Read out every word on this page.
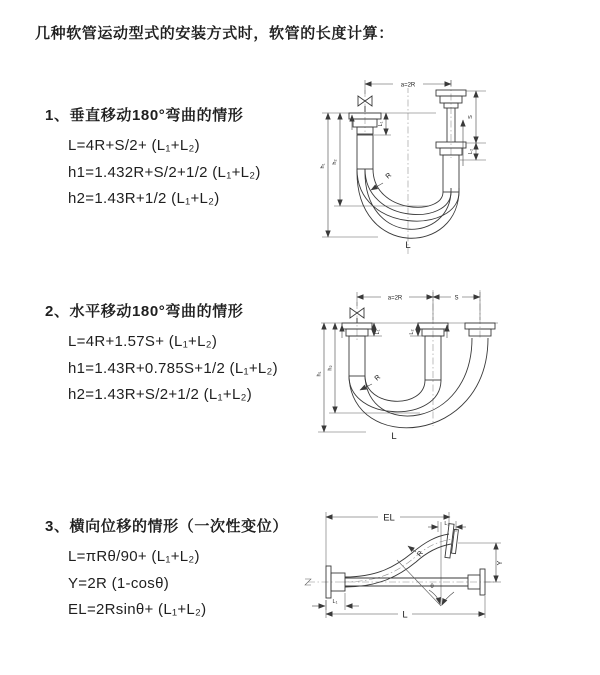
几种软管运动型式的安装方式时，软管的长度计算：
1、垂直移动180°弯曲的情形
L=4R+S/2+ (L₁+L₂)
h1=1.432R+S/2+1/2 (L₁+L₂)
h2=1.43R+1/2 (L₁+L₂)
2、水平移动180°弯曲的情形
L=4R+1.57S+ (L₁+L₂)
h1=1.43R+0.785S+1/2 (L₁+L₂)
h2=1.43R+S/2+1/2 (L₁+L₂)
3、横向位移的情形（一次性变位）
L=πRθ/90+ (L₁+L₂)
Y=2R (1-cosθ)
EL=2Rsinθ+ (L₁+L₂)
a=2R
L₁
S
L₂
h₁
h₂
R
L
a=2R	S
L₁	L₂
h₁
h₂
R
L
EL
L₂
L₁
L
Y
R
θ
